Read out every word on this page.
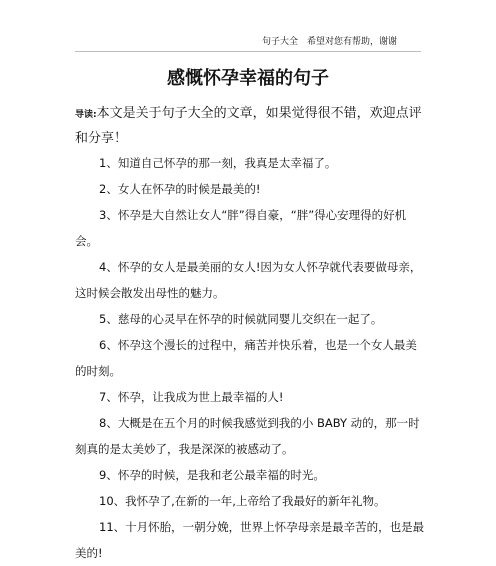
句子大全 希望对您有帮助，谢谢
感慨怀孕幸福的句子

导读:本文是关于句子大全的文章，如果觉得很不错，欢迎点评和分享！

1、知道自己怀孕的那一刻，我真是太幸福了。

2、女人在怀孕的时候是最美的!

3、怀孕是大自然让女人“胖”得自豪，“胖”得心安理得的好机会。

4、怀孕的女人是最美丽的女人!因为女人怀孕就代表要做母亲，这时候会散发出母性的魅力。

5、慈母的心灵早在怀孕的时候就同婴儿交织在一起了。

6、怀孕这个漫长的过程中，痛苦并快乐着，也是一个女人最美的时刻。

7、怀孕，让我成为世上最幸福的人!

8、大概是在五个月的时候我感觉到我的小 BABY 动的，那一时刻真的是太美妙了，我是深深的被感动了。

9、怀孕的时候，是我和老公最幸福的时光。

10、我怀孕了,在新的一年,上帝给了我最好的新年礼物。

11、十月怀胎，一朝分娩，世界上怀孕母亲是最辛苦的，也是最美的!
